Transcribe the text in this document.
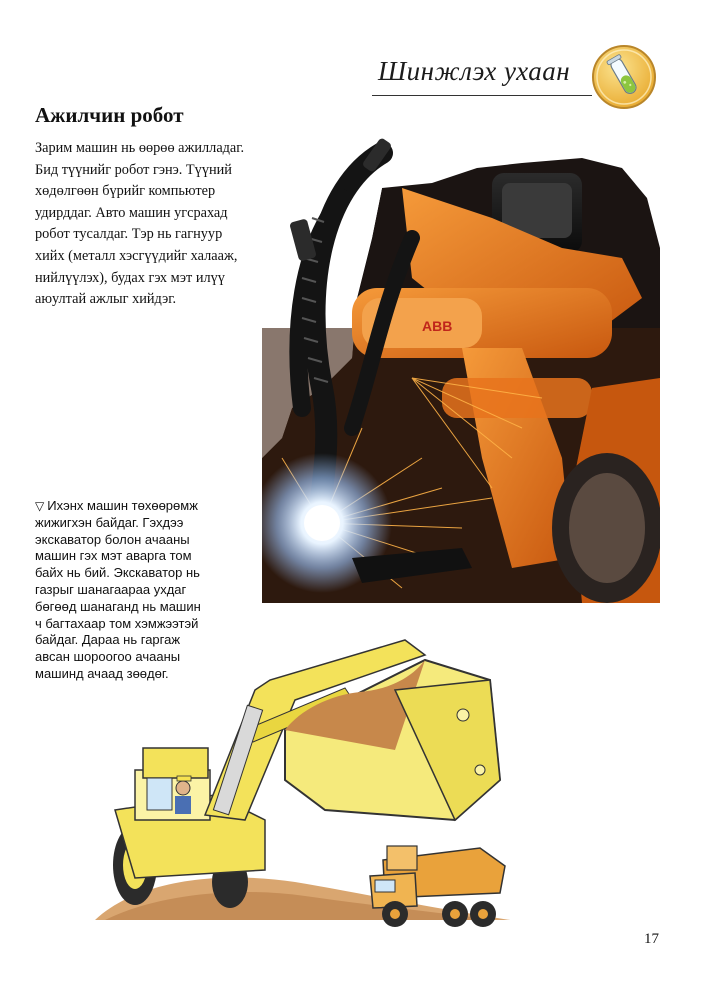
Шинжлэх ухаан
Ажилчин робот
Зарим машин нь өөрөө ажилладаг.
Бид түүнийг робот гэнэ. Түүний
хөдөлгөөн бүрийг компьютер
удирддаг. Авто машин угсрахад
робот тусалдаг. Тэр нь гагнуур
хийх (металл хэсгүүдийг халааж,
нийлүүлэх), будах гэх мэт илүү
аюултай ажлыг хийдэг.
ABB
▽ Ихэнх машин төхөөрөмж
жижигхэн байдаг. Гэхдээ
экскаватор болон ачааны
машин гэх мэт аварга том
байх нь бий. Экскаватор нь
газрыг шанагаараа ухдаг
бөгөөд шанаганд нь машин
ч багтахаар том хэмжээтэй
байдаг. Дараа нь гаргаж
авсан шороогоо ачааны
машинд ачаад зөөдөг.
17
